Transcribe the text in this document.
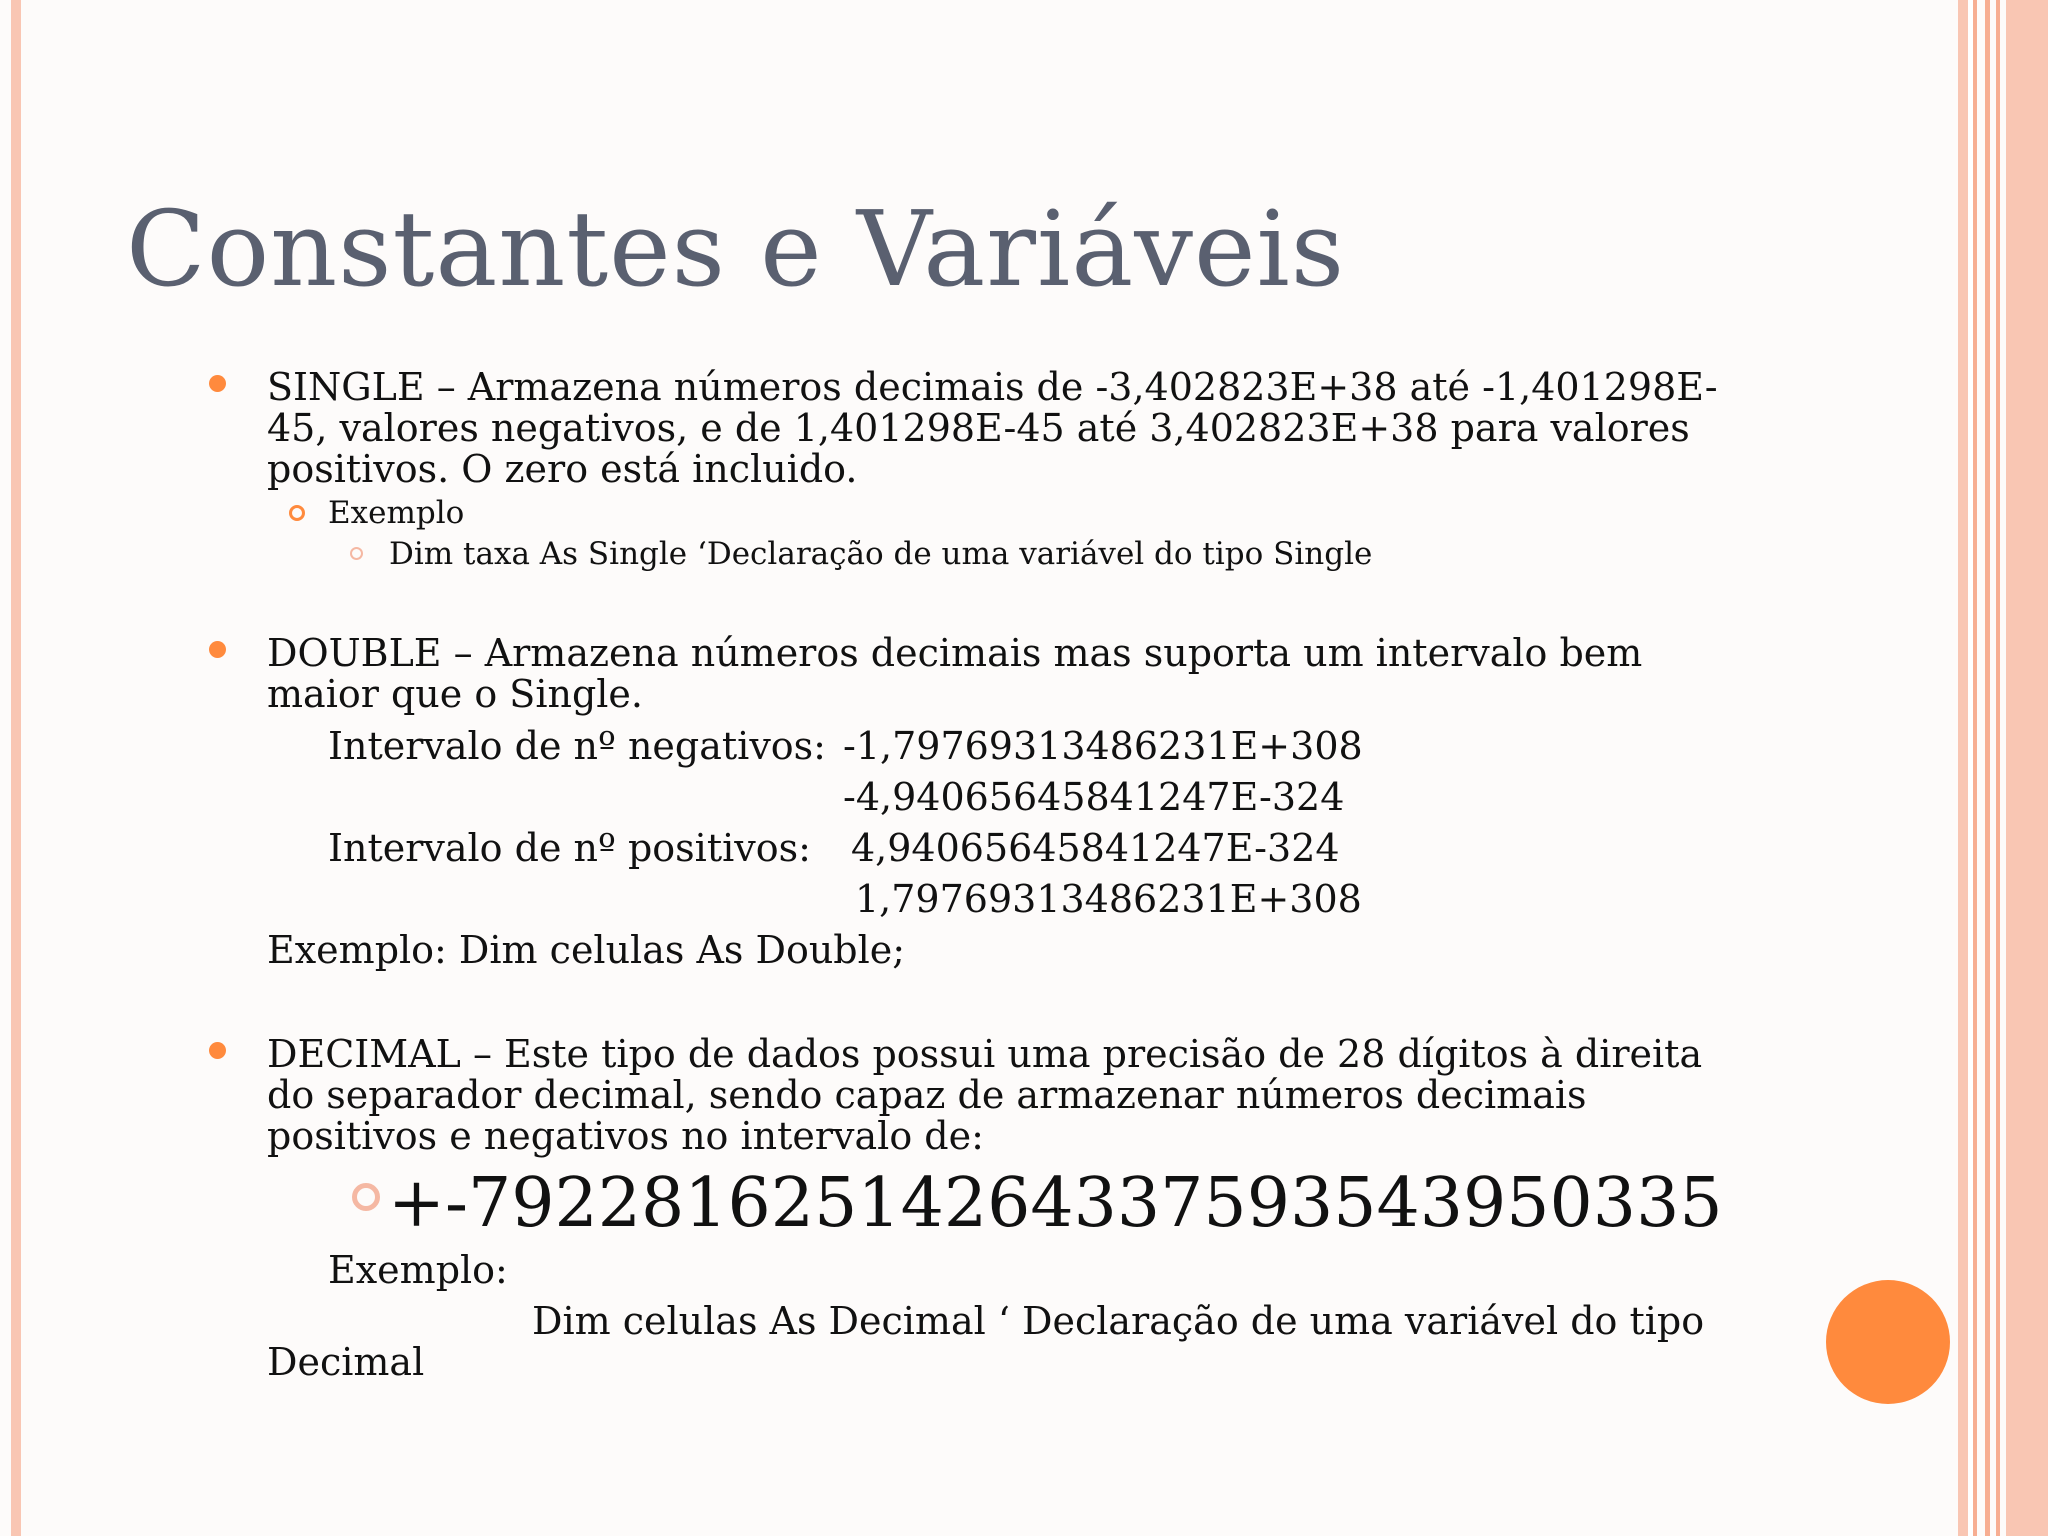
Constantes e Variáveis
SINGLE – Armazena números decimais de -3,402823E+38 até -1,401298E-
45, valores negativos, e de 1,401298E-45 até 3,402823E+38 para valores
positivos. O zero está incluido.
Exemplo
Dim taxa As Single ‘Declaração de uma variável do tipo Single
DOUBLE – Armazena números decimais mas suporta um intervalo bem
maior que o Single.
Intervalo de nº negativos: -1,79769313486231E+308
-4,94065645841247E-324
Intervalo de nº positivos: 4,94065645841247E-324
1,79769313486231E+308
Exemplo: Dim celulas As Double;
DECIMAL – Este tipo de dados possui uma precisão de 28 dígitos à direita
do separador decimal, sendo capaz de armazenar números decimais
positivos e negativos no intervalo de:
+-79228162514264337593543950335
Exemplo:
Dim celulas As Decimal ‘ Declaração de uma variável do tipo
Decimal
